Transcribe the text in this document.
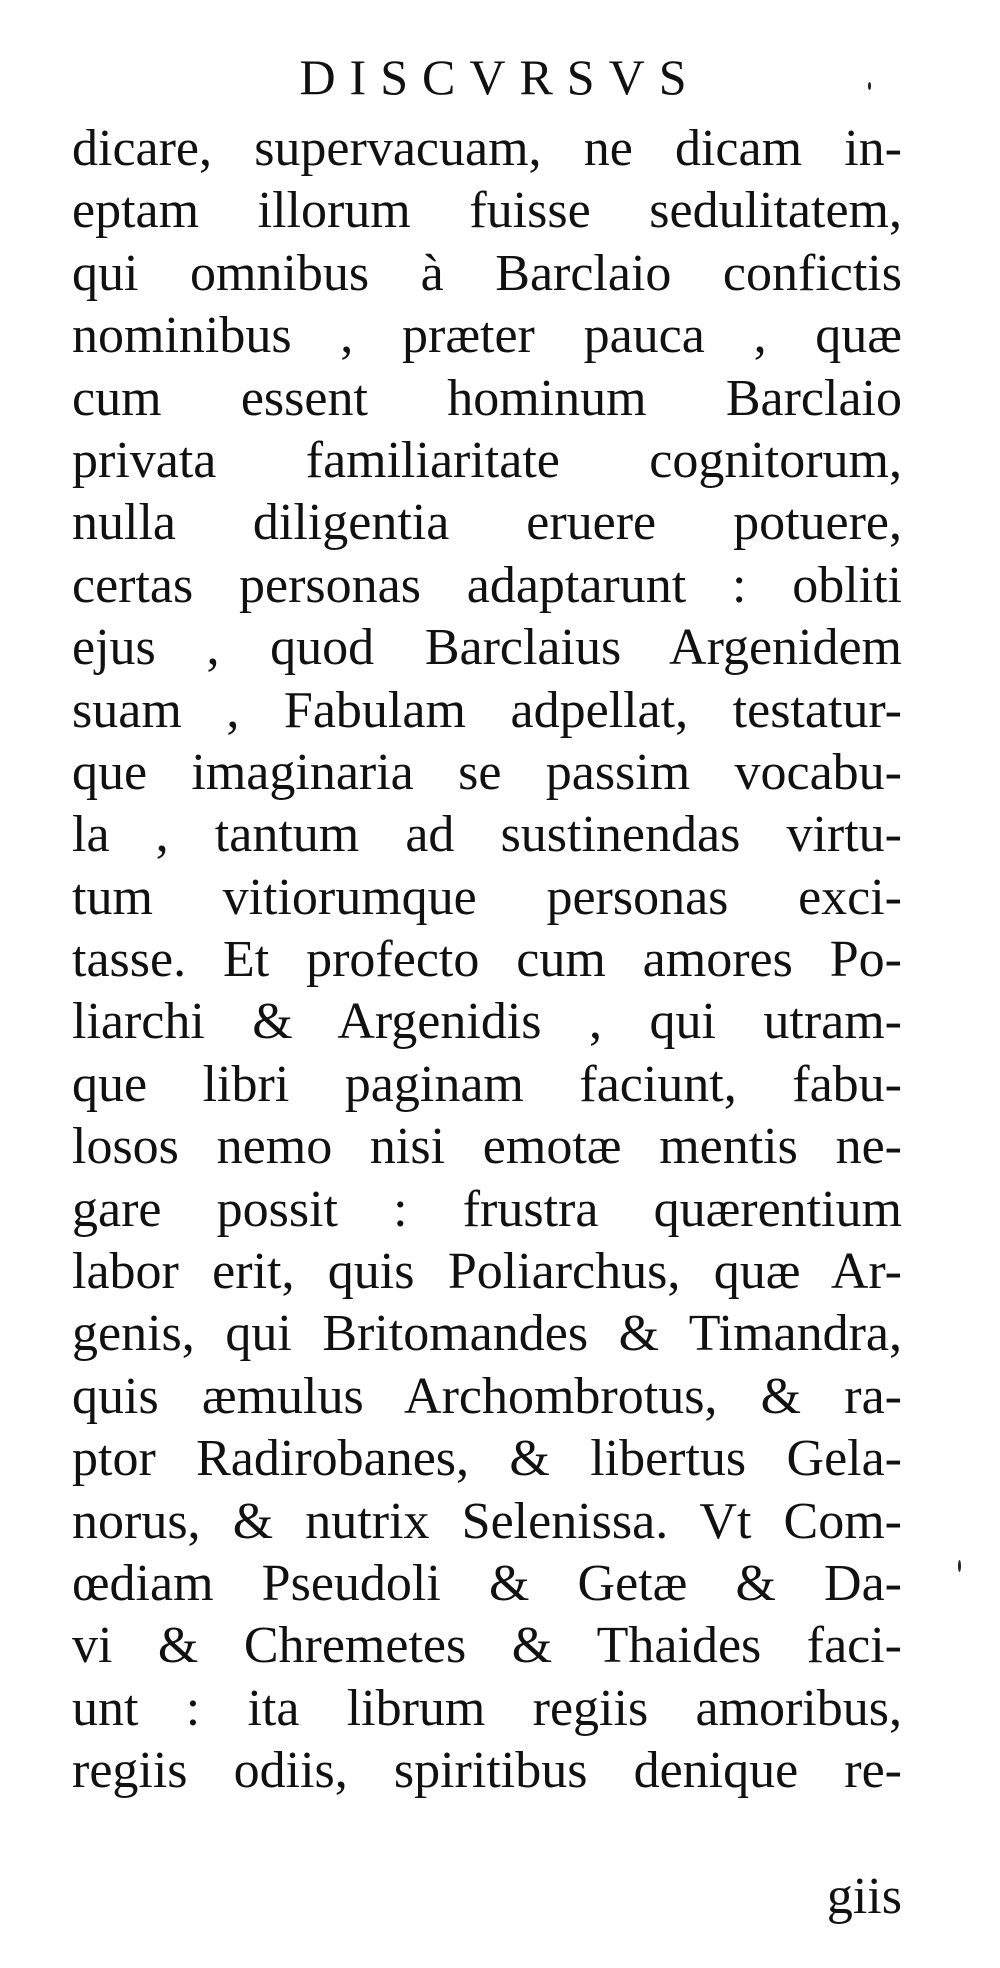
DISCVRSVS
dicare, supervacuam, ne dicam in-
eptam illorum fuisse sedulitatem,
qui omnibus à Barclaio confictis
nominibus , præter pauca , quæ
cum essent hominum Barclaio
privata familiaritate cognitorum,
nulla diligentia eruere potuere,
certas personas adaptarunt : obliti
ejus , quod Barclaius Argenidem
suam , Fabulam adpellat, testatur-
que imaginaria se passim vocabu-
la , tantum ad sustinendas virtu-
tum vitiorumque personas exci-
tasse. Et profecto cum amores Po-
liarchi & Argenidis , qui utram-
que libri paginam faciunt, fabu-
losos nemo nisi emotæ mentis ne-
gare possit : frustra quærentium
labor erit, quis Poliarchus, quæ Ar-
genis, qui Britomandes & Timandra,
quis æmulus Archombrotus, & ra-
ptor Radirobanes, & libertus Gela-
norus, & nutrix Selenissa. Vt Com-
œdiam Pseudoli & Getæ & Da-
vi & Chremetes & Thaides faci-
unt : ita librum regiis amoribus,
regiis odiis, spiritibus denique re-
giis
